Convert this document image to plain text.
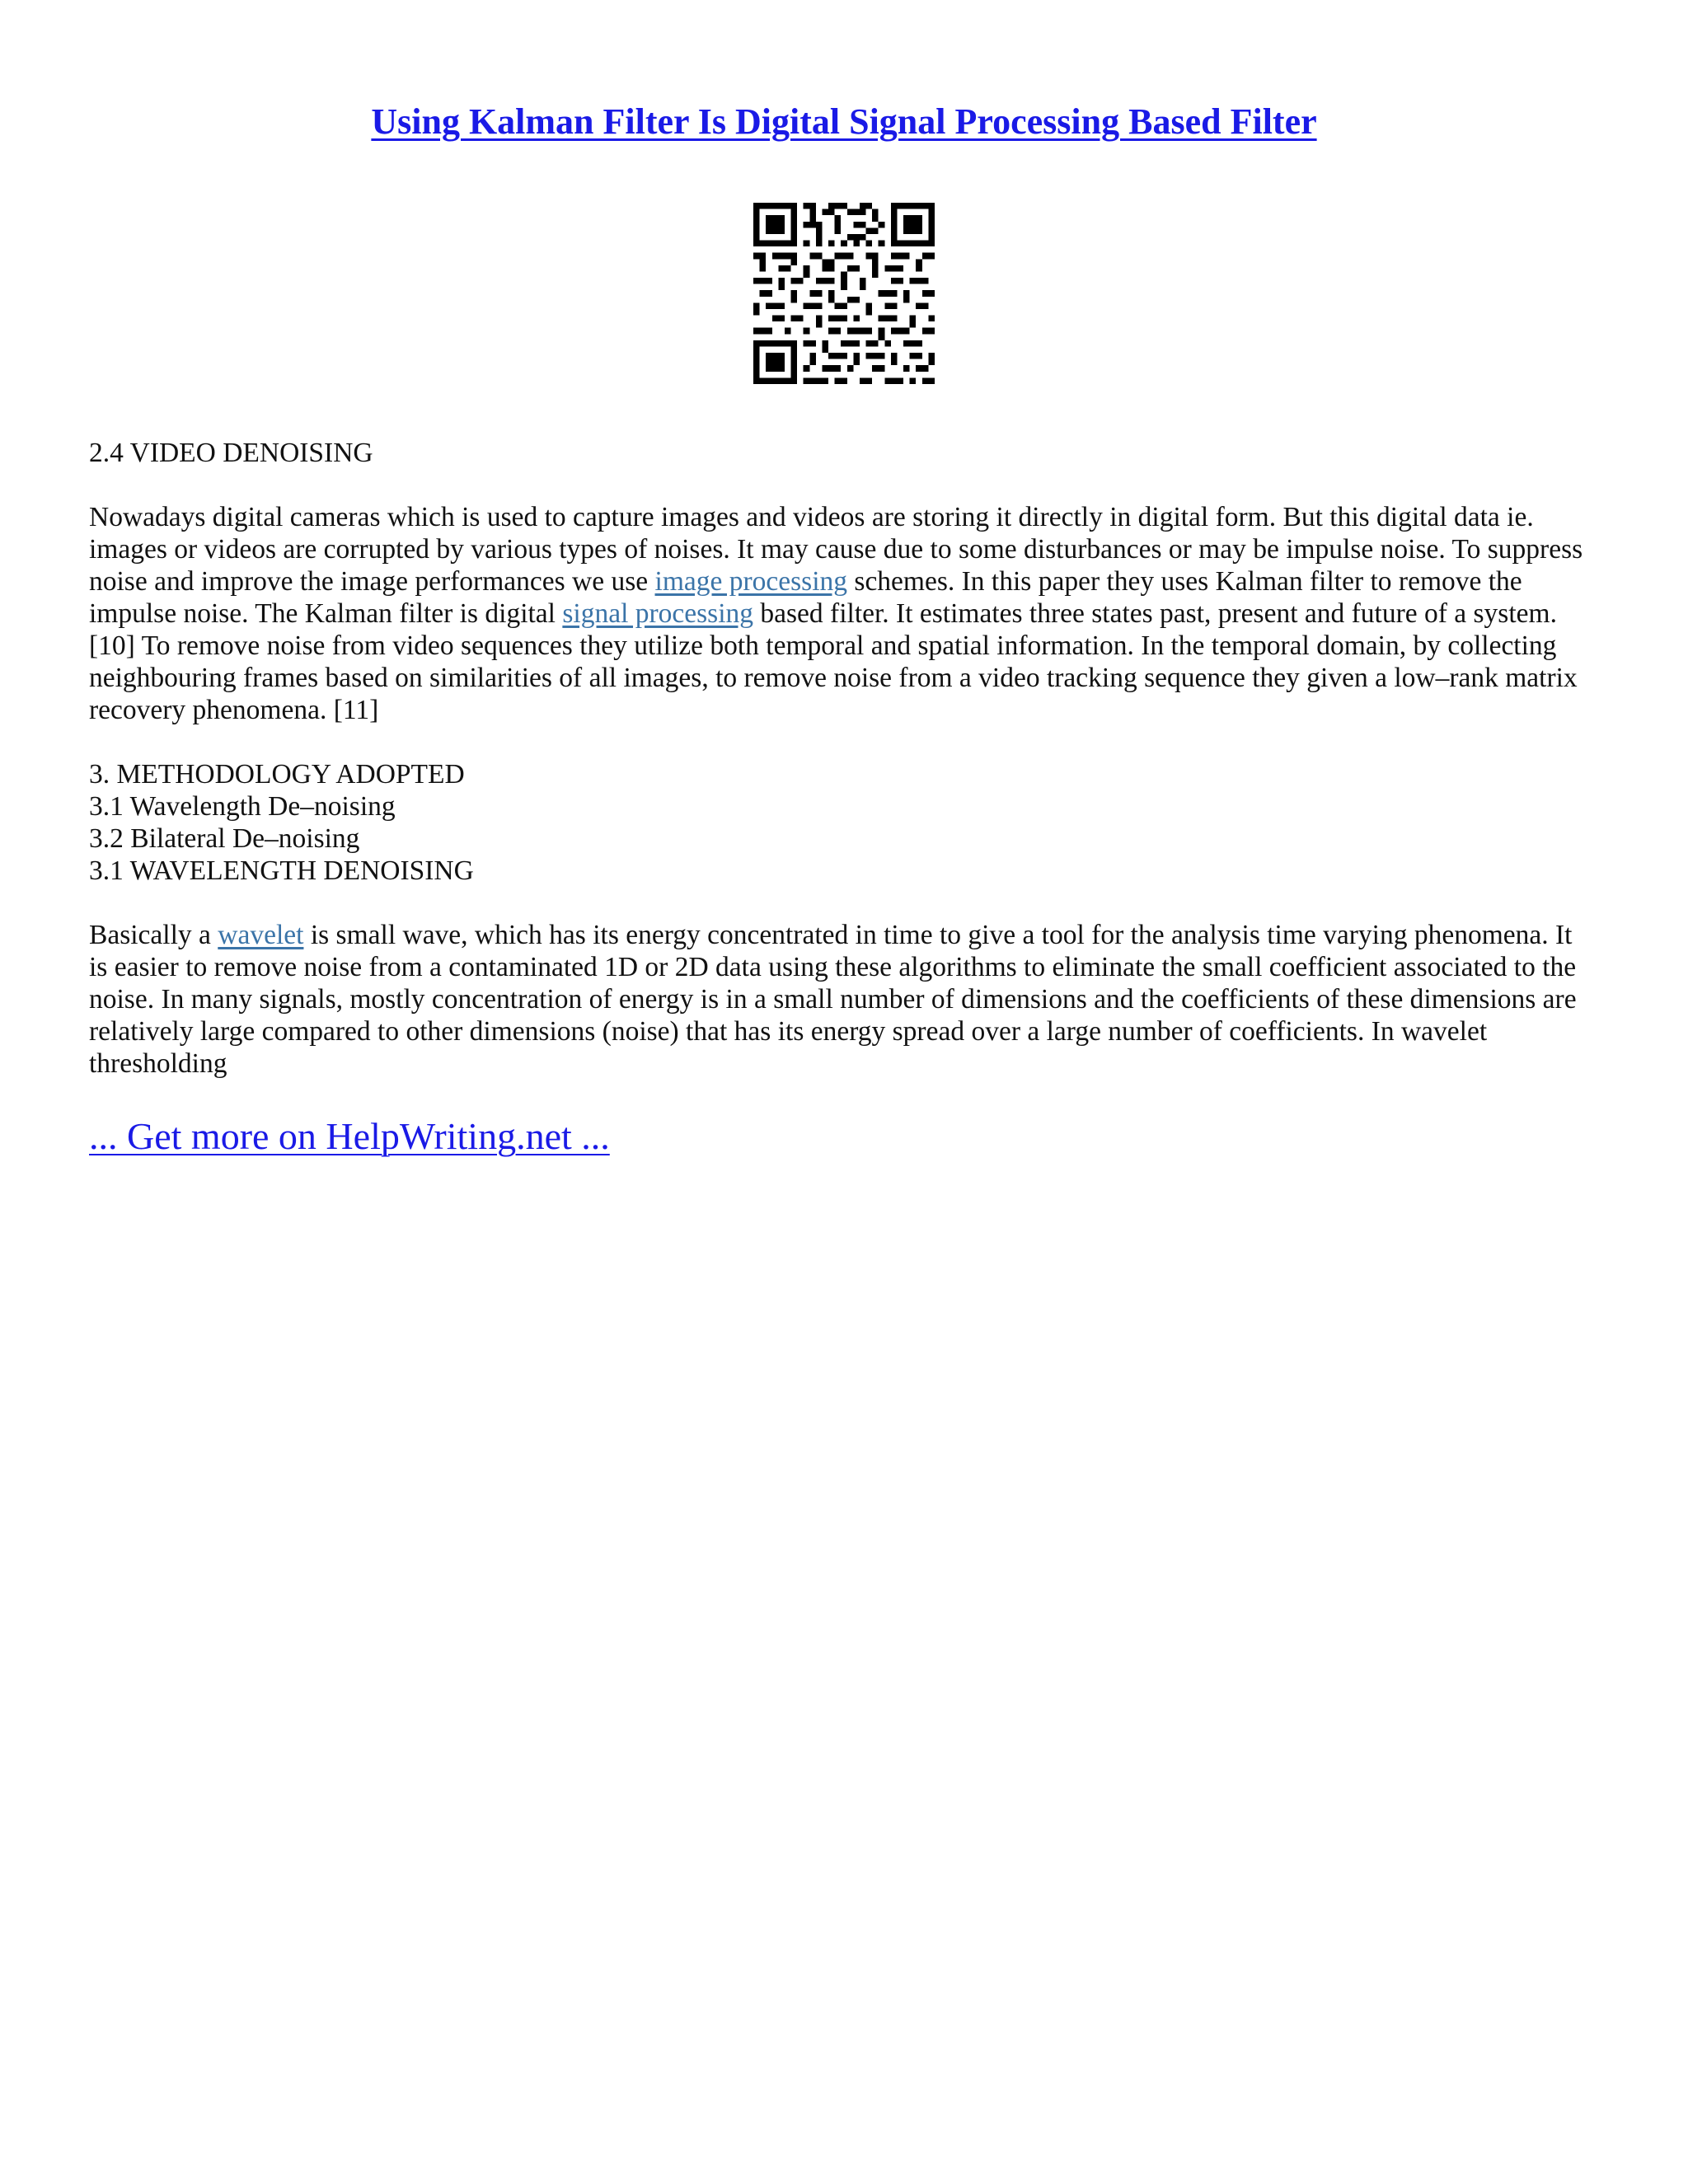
Using Kalman Filter Is Digital Signal Processing Based Filter
2.4 VIDEO DENOISING
Nowadays digital cameras which is used to capture images and videos are storing it directly in digital form. But this digital data ie.
images or videos are corrupted by various types of noises. It may cause due to some disturbances or may be impulse noise. To suppress
noise and improve the image performances we use image processing schemes. In this paper they uses Kalman filter to remove the
impulse noise. The Kalman filter is digital signal processing based filter. It estimates three states past, present and future of a system.
[10] To remove noise from video sequences they utilize both temporal and spatial information. In the temporal domain, by collecting
neighbouring frames based on similarities of all images, to remove noise from a video tracking sequence they given a low–rank matrix
recovery phenomena. [11]
3. METHODOLOGY ADOPTED
3.1 Wavelength De–noising
3.2 Bilateral De–noising
3.1 WAVELENGTH DENOISING
Basically a wavelet is small wave, which has its energy concentrated in time to give a tool for the analysis time varying phenomena. It
is easier to remove noise from a contaminated 1D or 2D data using these algorithms to eliminate the small coefficient associated to the
noise. In many signals, mostly concentration of energy is in a small number of dimensions and the coefficients of these dimensions are
relatively large compared to other dimensions (noise) that has its energy spread over a large number of coefficients. In wavelet
thresholding
... Get more on HelpWriting.net ...
